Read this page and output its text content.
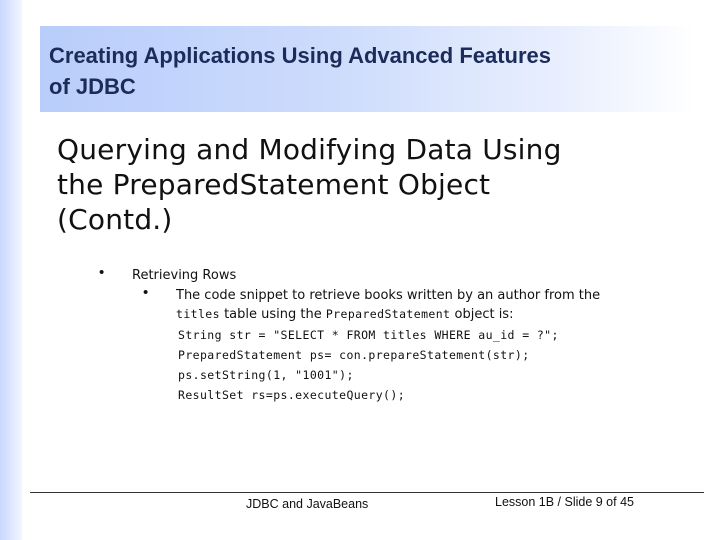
Creating Applications Using Advanced Features
of JDBC
Querying and Modifying Data Using
the PreparedStatement Object
(Contd.)
• Retrieving Rows
• The code snippet to retrieve books written by an author from the
titles table using the PreparedStatement object is:
String str = "SELECT * FROM titles WHERE au_id = ?";
PreparedStatement ps= con.prepareStatement(str);
ps.setString(1, "1001");
ResultSet rs=ps.executeQuery();
JDBC and JavaBeans	Lesson 1B / Slide 9 of 45
